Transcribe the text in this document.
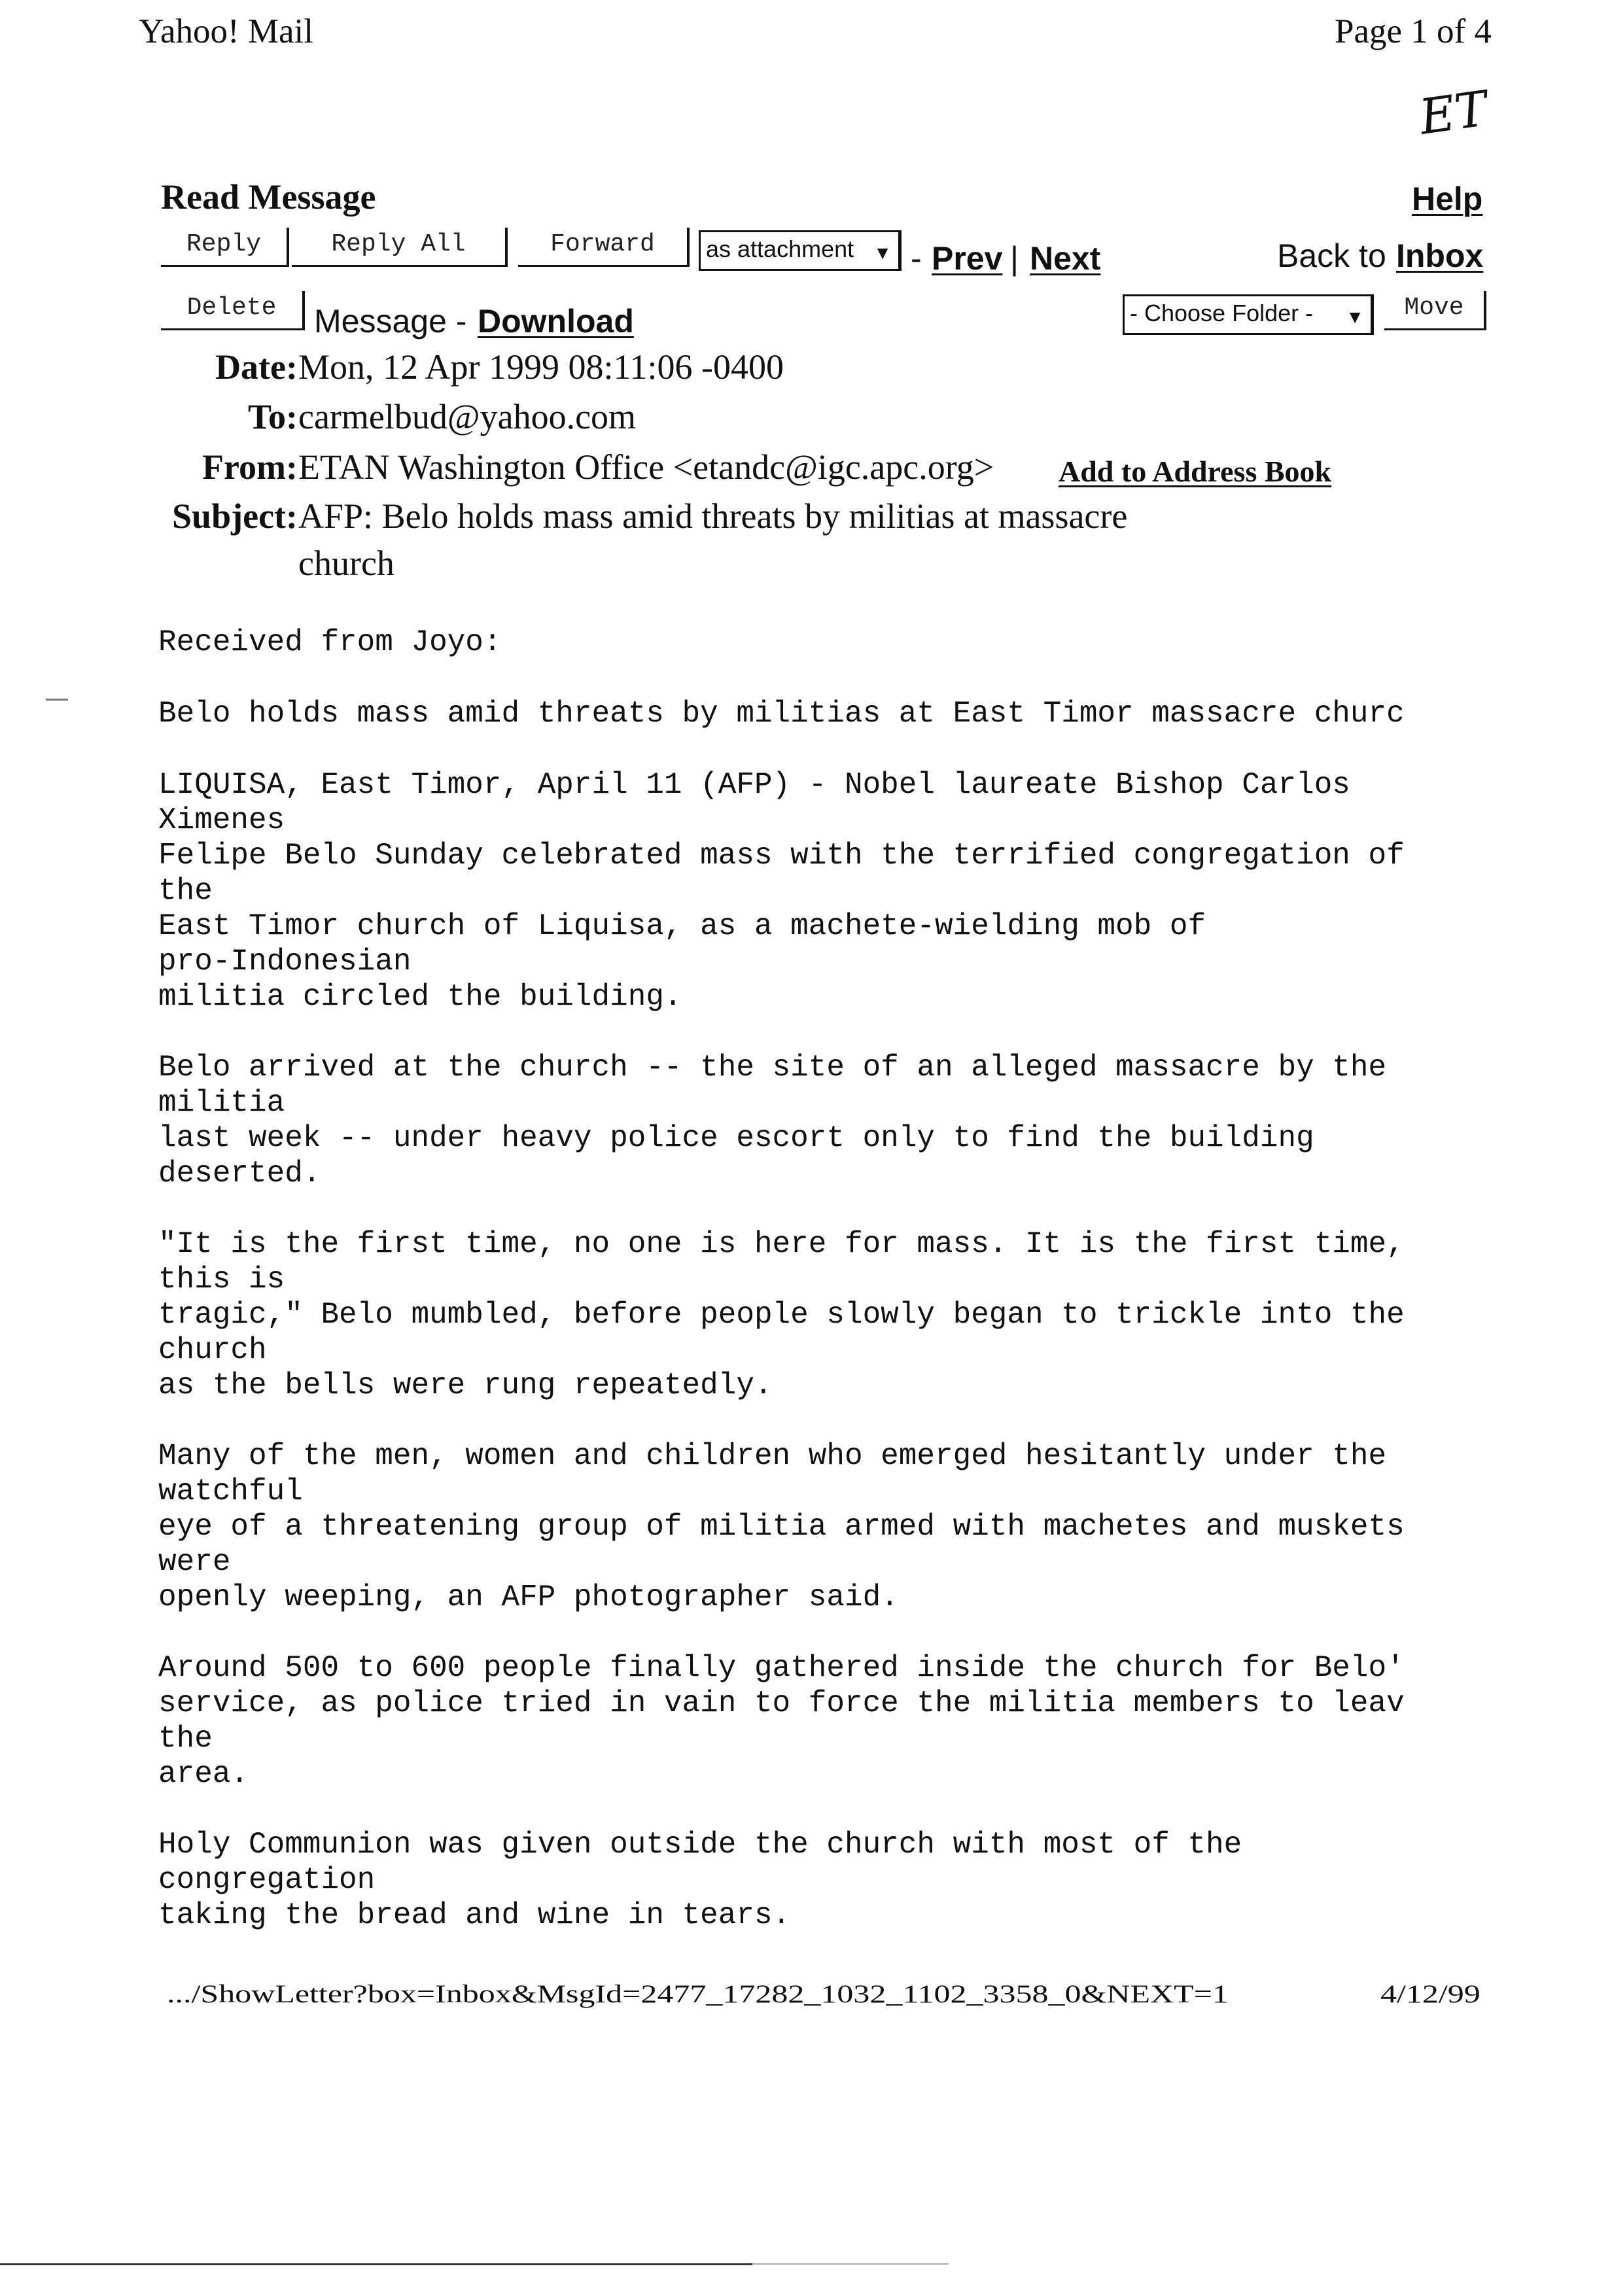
Yahoo! Mail	Page 1 of 4
ET
Read Message	Help
Reply	Reply All	Forward	as attachment ▼ - Prev | Next	Back to Inbox
Delete	Message - Download	- Choose Folder - ▼	Move
Date: Mon, 12 Apr 1999 08:11:06 -0400
To: carmelbud@yahoo.com
From: ETAN Washington Office <etandc@igc.apc.org> Add to Address Book
Subject: AFP: Belo holds mass amid threats by militias at massacre
church
Received from Joyo:
Belo holds mass amid threats by militias at East Timor massacre churc
LIQUISA, East Timor, April 11 (AFP) - Nobel laureate Bishop Carlos
Ximenes
Felipe Belo Sunday celebrated mass with the terrified congregation of
the
East Timor church of Liquisa, as a machete-wielding mob of
pro-Indonesian
militia circled the building.
Belo arrived at the church -- the site of an alleged massacre by the
militia
last week -- under heavy police escort only to find the building
deserted.
"It is the first time, no one is here for mass. It is the first time,
this is
tragic," Belo mumbled, before people slowly began to trickle into the
church
as the bells were rung repeatedly.
Many of the men, women and children who emerged hesitantly under the
watchful
eye of a threatening group of militia armed with machetes and muskets
were
openly weeping, an AFP photographer said.
Around 500 to 600 people finally gathered inside the church for Belo'
service, as police tried in vain to force the militia members to leav
the
area.
Holy Communion was given outside the church with most of the
congregation
taking the bread and wine in tears.
.../ShowLetter?box=Inbox&MsgId=2477_17282_1032_1102_3358_0&NEXT=1	4/12/99
